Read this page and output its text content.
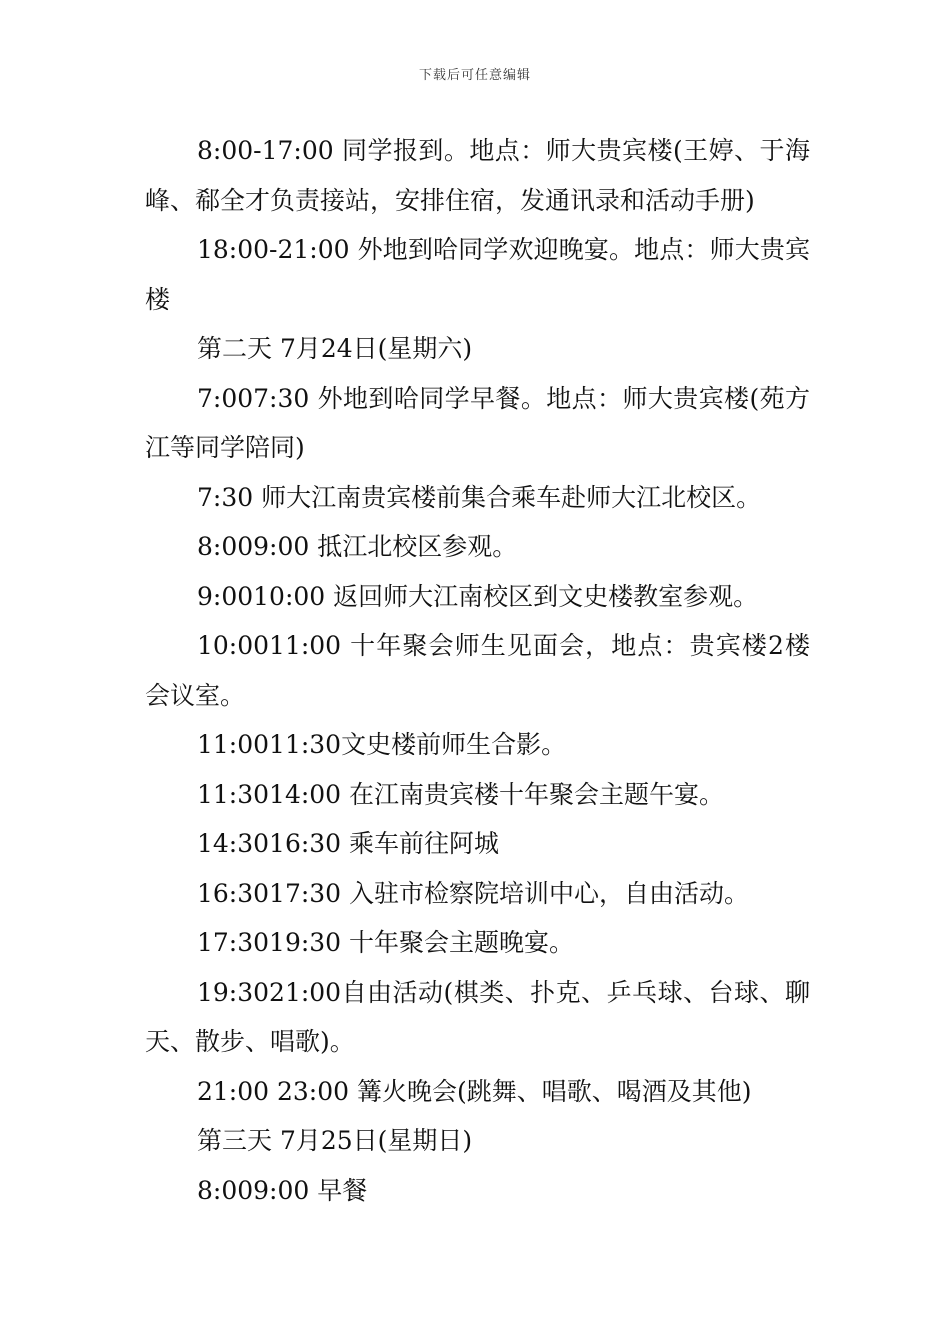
下载后可任意编辑

8:00-17:00 同学报到。地点：师大贵宾楼(王婷、于海峰、郗全才负责接站，安排住宿，发通讯录和活动手册)

18:00-21:00 外地到哈同学欢迎晚宴。地点：师大贵宾楼

第二天 7月24日(星期六)

7:007:30 外地到哈同学早餐。地点：师大贵宾楼(苑方江等同学陪同)

7:30 师大江南贵宾楼前集合乘车赴师大江北校区。

8:009:00 抵江北校区参观。

9:0010:00 返回师大江南校区到文史楼教室参观。

10:0011:00 十年聚会师生见面会，地点：贵宾楼2楼会议室。

11:0011:30文史楼前师生合影。

11:3014:00 在江南贵宾楼十年聚会主题午宴。

14:3016:30 乘车前往阿城

16:3017:30 入驻市检察院培训中心，自由活动。

17:3019:30 十年聚会主题晚宴。

19:3021:00自由活动(棋类、扑克、乒乓球、台球、聊天、散步、唱歌)。

21:00 23:00 篝火晚会(跳舞、唱歌、喝酒及其他)

第三天 7月25日(星期日)

8:009:00 早餐
